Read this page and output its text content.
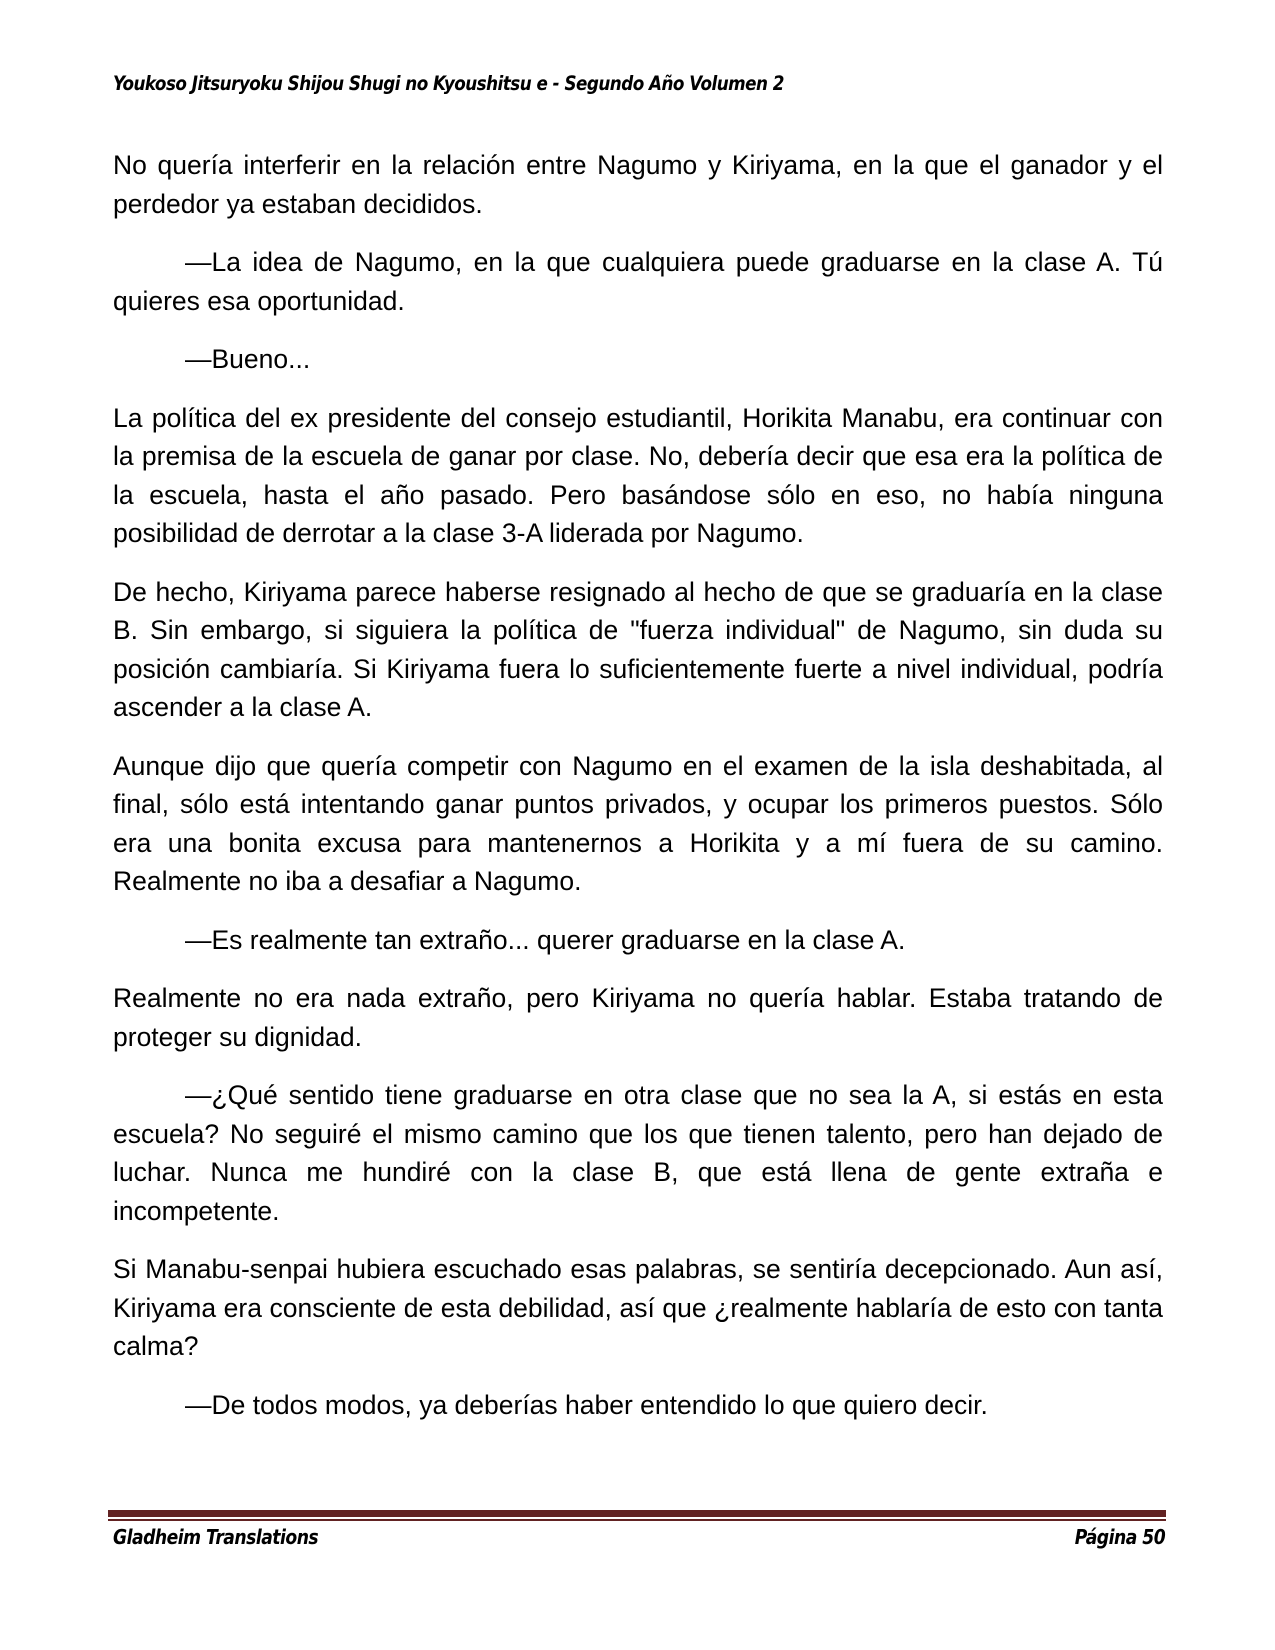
Youkoso Jitsuryoku Shijou Shugi no Kyoushitsu e - Segundo Año Volumen 2

No quería interferir en la relación entre Nagumo y Kiriyama, en la que el ganador y el perdedor ya estaban decididos.

—La idea de Nagumo, en la que cualquiera puede graduarse en la clase A. Tú quieres esa oportunidad.

—Bueno...

La política del ex presidente del consejo estudiantil, Horikita Manabu, era continuar con la premisa de la escuela de ganar por clase. No, debería decir que esa era la política de la escuela, hasta el año pasado. Pero basándose sólo en eso, no había ninguna posibilidad de derrotar a la clase 3-A liderada por Nagumo.

De hecho, Kiriyama parece haberse resignado al hecho de que se graduaría en la clase B. Sin embargo, si siguiera la política de "fuerza individual" de Nagumo, sin duda su posición cambiaría. Si Kiriyama fuera lo suficientemente fuerte a nivel individual, podría ascender a la clase A.

Aunque dijo que quería competir con Nagumo en el examen de la isla deshabitada, al final, sólo está intentando ganar puntos privados, y ocupar los primeros puestos. Sólo era una bonita excusa para mantenernos a Horikita y a mí fuera de su camino. Realmente no iba a desafiar a Nagumo.

—Es realmente tan extraño... querer graduarse en la clase A.

Realmente no era nada extraño, pero Kiriyama no quería hablar. Estaba tratando de proteger su dignidad.

—¿Qué sentido tiene graduarse en otra clase que no sea la A, si estás en esta escuela? No seguiré el mismo camino que los que tienen talento, pero han dejado de luchar. Nunca me hundiré con la clase B, que está llena de gente extraña e incompetente.

Si Manabu-senpai hubiera escuchado esas palabras, se sentiría decepcionado. Aun así, Kiriyama era consciente de esta debilidad, así que ¿realmente hablaría de esto con tanta calma?

—De todos modos, ya deberías haber entendido lo que quiero decir.

Gladheim Translations	Página 50
